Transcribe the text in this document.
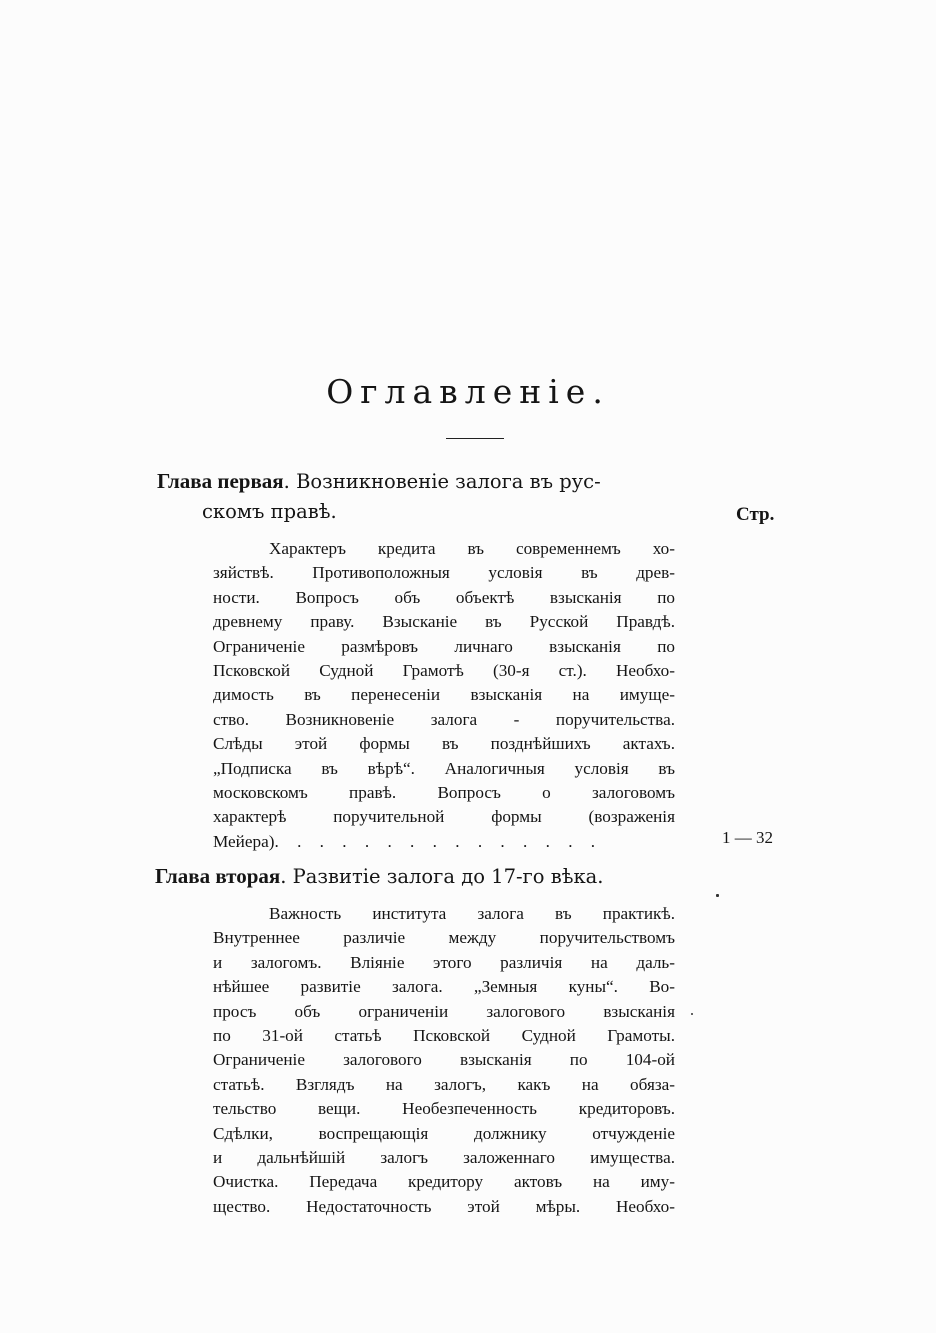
Оглавленіе.
Глава первая. Возникновеніе залога въ рус-
скомъ правѣ.	Стр.
Характеръ кредита въ современнемъ хо-
зяйствѣ. Противоположныя условія въ древ-
ности. Вопросъ объ объектѣ взысканія по
древнему праву. Взысканіе въ Русской Правдѣ.
Ограниченіе размѣровъ личнаго взысканія по
Псковской Судной Грамотѣ (30-я ст.). Необхо-
димость въ перенесеніи взысканія на имуще-
ство. Возникновеніе залога - поручительства.
Слѣды этой формы въ позднѣйшихъ актахъ.
„Подписка въ вѣрѣ“. Аналогичныя условія въ
московскомъ правѣ. Вопросъ о залоговомъ
характерѣ поручительной формы (возраженія
Мейера). . . . . . . . . . . . . . .	1 — 32
Глава вторая. Развитіе залога до 17-го вѣка.
Важность института залога въ практикѣ.
Внутреннее различіе между поручительствомъ
и залогомъ. Вліяніе этого различія на даль-
нѣйшее развитіе залога. „Земныя куны“. Во-
просъ объ ограниченіи залогового взысканія
по 31-ой статьѣ Псковской Судной Грамоты.
Ограниченіе залогового взысканія по 104-ой
статьѣ. Взглядъ на залогъ, какъ на обяза-
тельство вещи. Необезпеченность кредиторовъ.
Сдѣлки, воспрещающія должнику отчужденіе
и дальнѣйшій залогъ заложеннаго имущества.
Очистка. Передача кредитору актовъ на иму-
щество. Недостаточность этой мѣры. Необхо-
